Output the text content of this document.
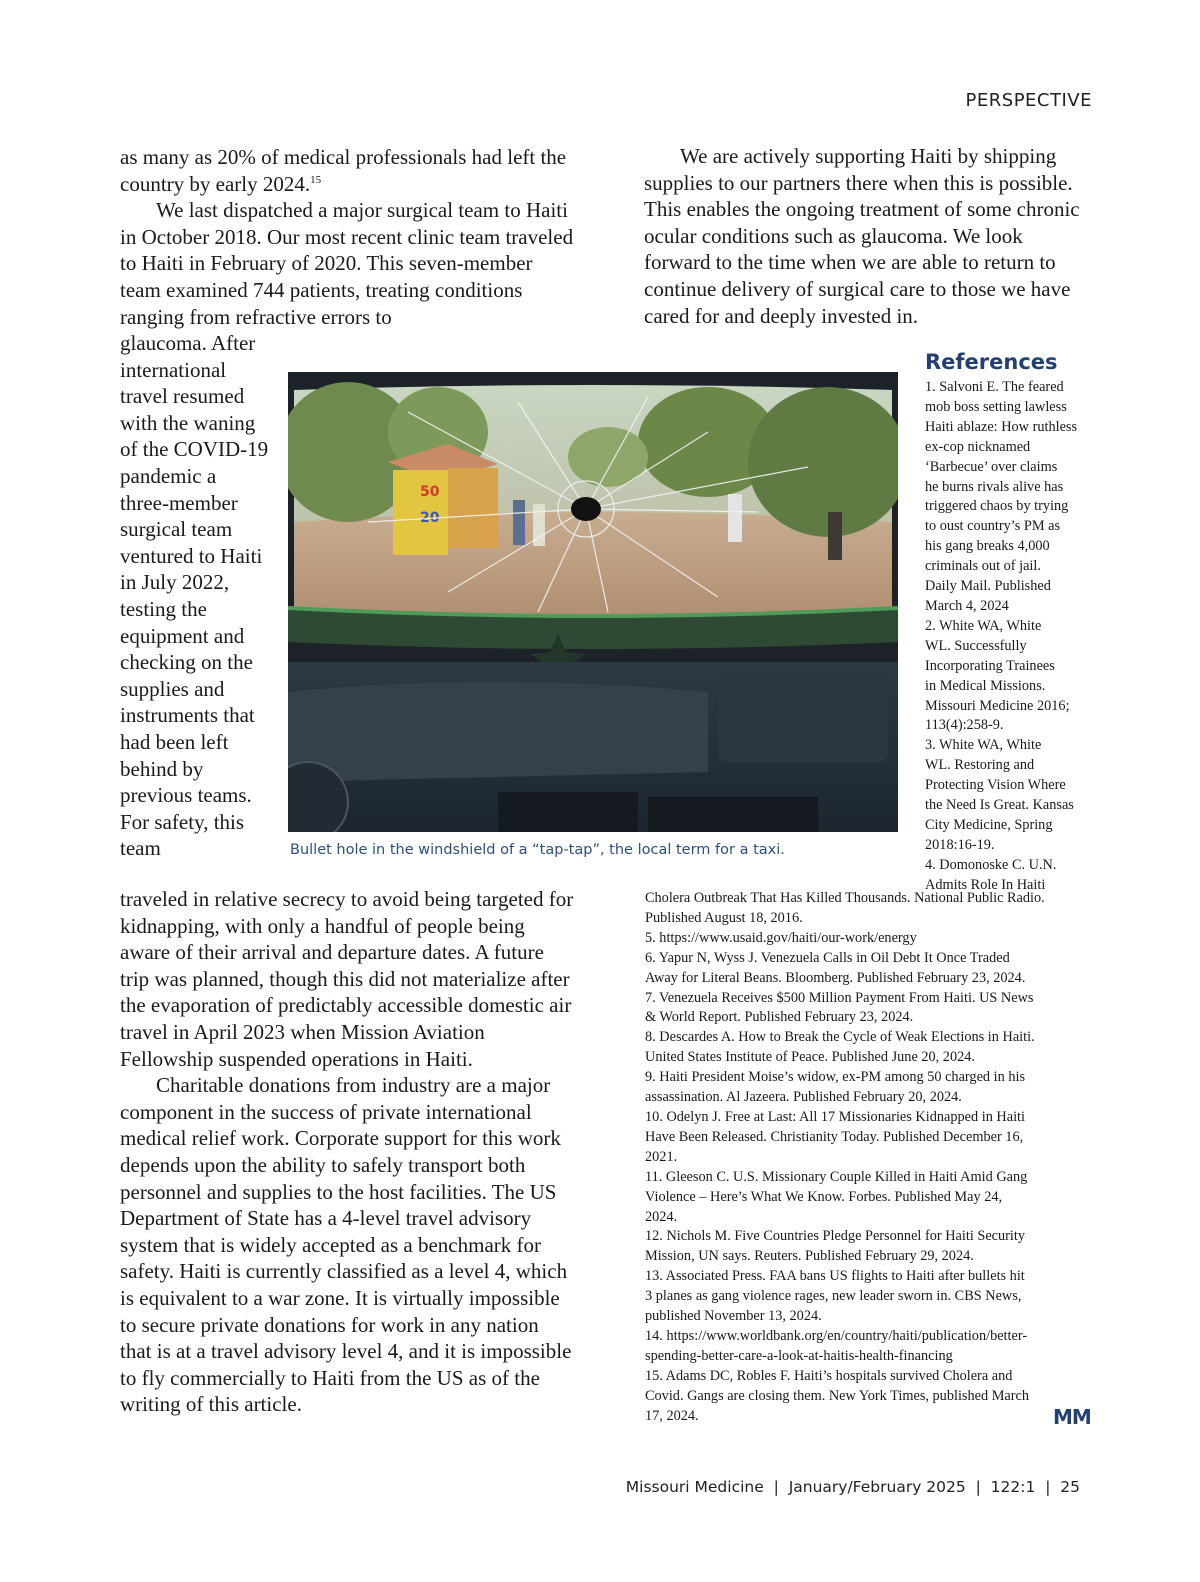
PERSPECTIVE

as many as 20% of medical professionals had left the country by early 2024.15

We last dispatched a major surgical team to Haiti in October 2018. Our most recent clinic team traveled to Haiti in February of 2020. This seven-member team examined 744 patients, treating conditions ranging from refractive errors to

glaucoma. After international travel resumed with the waning of the COVID-19 pandemic a three-member surgical team ventured to Haiti in July 2022, testing the equipment and checking on the supplies and instruments that had been left behind by previous teams. For safety, this team

traveled in relative secrecy to avoid being targeted for kidnapping, with only a handful of people being aware of their arrival and departure dates. A future trip was planned, though this did not materialize after the evaporation of predictably accessible domestic air travel in April 2023 when Mission Aviation Fellowship suspended operations in Haiti.

Charitable donations from industry are a major component in the success of private international medical relief work. Corporate support for this work depends upon the ability to safely transport both personnel and supplies to the host facilities. The US Department of State has a 4-level travel advisory system that is widely accepted as a benchmark for safety. Haiti is currently classified as a level 4, which is equivalent to a war zone. It is virtually impossible to secure private donations for work in any nation that is at a travel advisory level 4, and it is impossible to fly commercially to Haiti from the US as of the writing of this article.

We are actively supporting Haiti by shipping supplies to our partners there when this is possible. This enables the ongoing treatment of some chronic ocular conditions such as glaucoma. We look forward to the time when we are able to return to continue delivery of surgical care to those we have cared for and deeply invested in.

50
20
Bullet hole in the windshield of a “tap-tap”, the local term for a taxi.
References

1. Salvoni E. The feared

mob boss setting lawless

Haiti ablaze: How ruthless

ex-cop nicknamed

‘Barbecue’ over claims

he burns rivals alive has

triggered chaos by trying

to oust country’s PM as

his gang breaks 4,000

criminals out of jail.

Daily Mail. Published

March 4, 2024

2. White WA, White

WL. Successfully

Incorporating Trainees

in Medical Missions.

Missouri Medicine 2016;

113(4):258-9.

3. White WA, White

WL. Restoring and

Protecting Vision Where

the Need Is Great. Kansas

City Medicine, Spring

2018:16-19.

4. Domonoske C. U.N.

Admits Role In Haiti

Cholera Outbreak That Has Killed Thousands. National Public Radio.

Published August 18, 2016.

5. https://www.usaid.gov/haiti/our-work/energy

6. Yapur N, Wyss J. Venezuela Calls in Oil Debt It Once Traded

Away for Literal Beans. Bloomberg. Published February 23, 2024.

7. Venezuela Receives $500 Million Payment From Haiti. US News

& World Report. Published February 23, 2024.

8. Descardes A. How to Break the Cycle of Weak Elections in Haiti.

United States Institute of Peace. Published June 20, 2024.

9. Haiti President Moise’s widow, ex-PM among 50 charged in his

assassination. Al Jazeera. Published February 20, 2024.

10. Odelyn J. Free at Last: All 17 Missionaries Kidnapped in Haiti

Have Been Released. Christianity Today. Published December 16,

2021.

11. Gleeson C. U.S. Missionary Couple Killed in Haiti Amid Gang

Violence – Here’s What We Know. Forbes. Published May 24,

2024.

12. Nichols M. Five Countries Pledge Personnel for Haiti Security

Mission, UN says. Reuters. Published February 29, 2024.

13. Associated Press. FAA bans US flights to Haiti after bullets hit

3 planes as gang violence rages, new leader sworn in. CBS News,

published November 13, 2024.

14. https://www.worldbank.org/en/country/haiti/publication/better-

spending-better-care-a-look-at-haitis-health-financing

15. Adams DC, Robles F. Haiti’s hospitals survived Cholera and

Covid. Gangs are closing them. New York Times, published March

17, 2024.	MM
Missouri Medicine  |  January/February 2025  |  122:1  |  25
